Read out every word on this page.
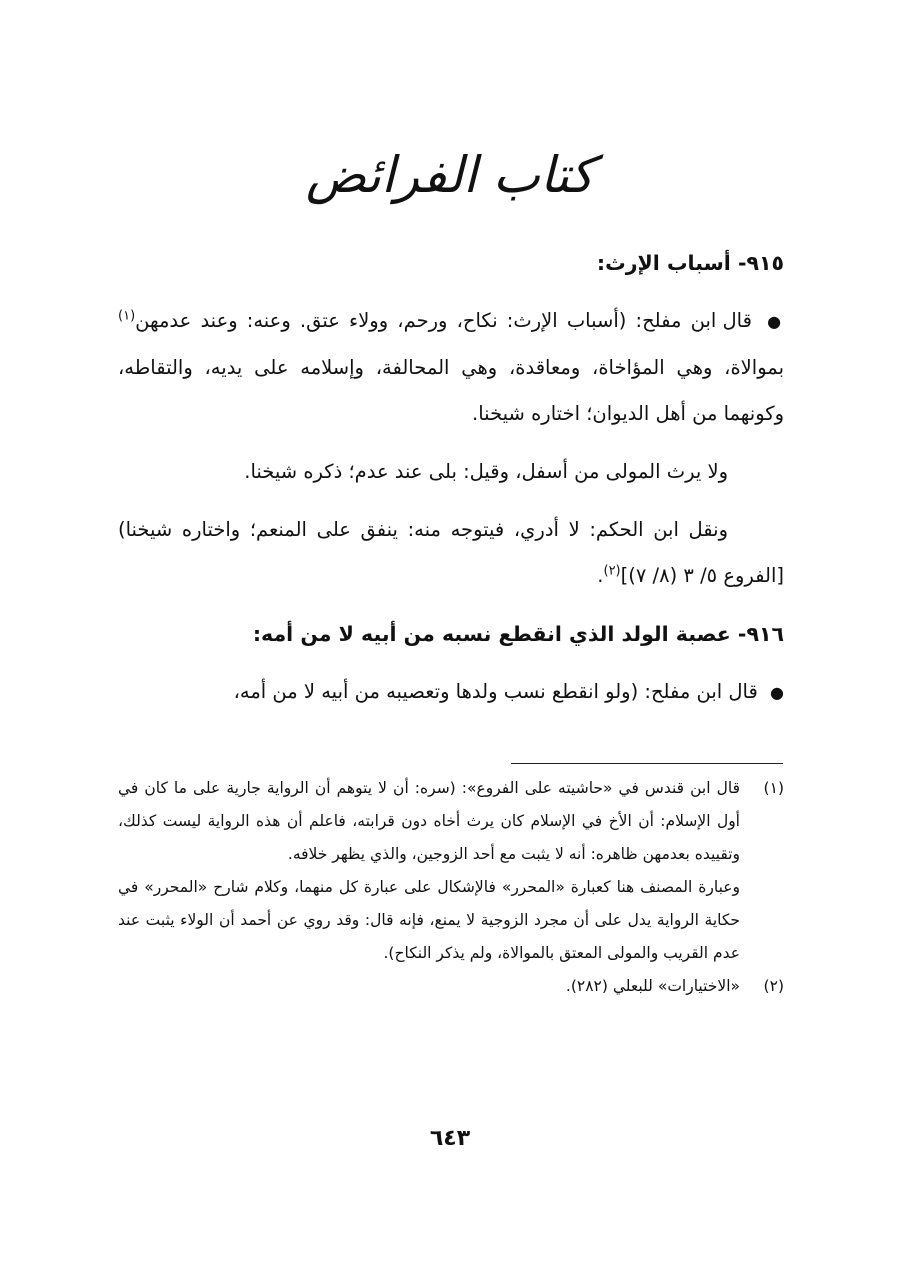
كتاب الفرائض

٩١٥- أسباب الإرث:

● قال ابن مفلح: (أسباب الإرث: نكاح، ورحم، وولاء عتق. وعنه: وعند عدمهن$^{(١)}$ بموالاة، وهي المؤاخاة، ومعاقدة، وهي المحالفة، وإسلامه على يديه، والتقاطه، وكونهما من أهل الديوان؛ اختاره شيخنا.

ولا يرث المولى من أسفل، وقيل: بلى عند عدم؛ ذكره شيخنا.

ونقل ابن الحكم: لا أدري، فيتوجه منه: ينفق على المنعم؛ واختاره شيخنا) [الفروع ٥/ ٣ (٨/ ٧)]$^{(٢)}$.

٩١٦- عصبة الولد الذي انقطع نسبه من أبيه لا من أمه:

● قال ابن مفلح: (ولو انقطع نسب ولدها وتعصيبه من أبيه لا من أمه،

(١)

قال ابن قندس في «حاشيته على الفروع»: (سره: أن لا يتوهم أن الرواية جارية على ما كان في أول الإسلام: أن الأخ في الإسلام كان يرث أخاه دون قرابته، فاعلم أن هذه الرواية ليست كذلك، وتقييده بعدمهن ظاهره: أنه لا يثبت مع أحد الزوجين، والذي يظهر خلافه.

وعبارة المصنف هنا كعبارة «المحرر» فالإشكال على عبارة كل منهما، وكلام شارح «المحرر» في حكاية الرواية يدل على أن مجرد الزوجية لا يمنع، فإنه قال: وقد روي عن أحمد أن الولاء يثبت عند عدم القريب والمولى المعتق بالموالاة، ولم يذكر النكاح).

(٢)

«الاختيارات» للبعلي (٢٨٢).

٦٤٣
